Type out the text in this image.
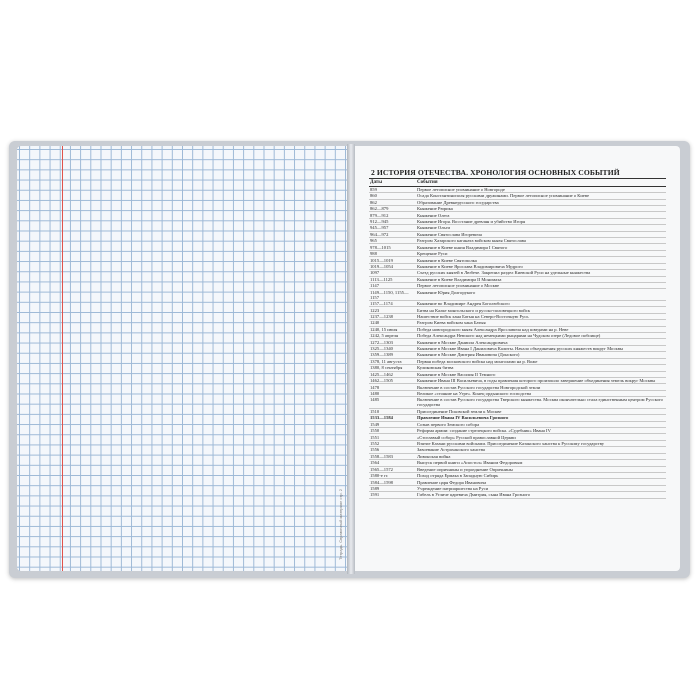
Тетрадь. Справочный материал стр. 2
2 ИСТОРИЯ ОТЕЧЕСТВА. ХРОНОЛОГИЯ ОСНОВНЫХ СОБЫТИЙ
Даты	События
859	Первое летописное упоминание о Новгороде
860	Осада Константинополя русскими дружинами. Первое летописное упоминание о Киеве
862	Образование Древнерусского государства
862—879	Княжение Рюрика
879—912	Княжение Олега
912—945	Княжение Игоря. Восстание древлян и убийство Игоря
945—957	Княжение Ольги
964—972	Княжение Святослава Игоревича
965	Разгром Хазарского каганата войском князя Святослава
978—1015	Княжение в Киеве князя Владимира I Святого
988	Крещение Руси
1015—1019	Княжение в Киеве Святополка
1019—1054	Княжение в Киеве Ярослава Владимировича Мудрого
1097	Съезд русских князей в Любече. Закрепил раздел Киевской Руси на удельные княжества
1113—1125	Княжение в Киеве Владимира II Мономаха
1147	Первое летописное упоминание о Москве
1149—1150, 1155—1157	Княжение Юрия Долгорукого
1157—1174	Княжение во Владимире Андрея Боголюбского
1223	Битва на Калке монгольского и русско-половецкого войск
1237—1238	Нашествие войск хана Батыя на Северо-Восточную Русь
1240	Разгром Киева войском хана Батыя
1240, 15 июля	Победа новгородского князя Александра Ярославича над шведами на р. Неве
1242, 5 апреля	Победа Александра Невского над немецкими рыцарями на Чудском озере (Ледовое побоище)
1272—1303	Княжение в Москве Даниила Александровича
1325—1340	Княжение в Москве Ивана I Даниловича Калиты. Начало объединения русских княжеств вокруг Москвы
1359—1389	Княжение в Москве Дмитрия Ивановича (Донского)
1378, 11 августа	Первая победа московского войска над монголами на р. Воже
1380, 8 сентября	Куликовская битва
1425—1462	Княжение в Москве Василия II Темного
1462—1505	Княжение Ивана III Васильевича, в годы правления которого произошло завершение объединения земель вокруг Москвы
1478	Включение в состав Русского государства Новгородской земли
1480	Великое «стояние на Угре». Конец ордынского господства
1485	Включение в состав Русского государства Тверского княжества. Москва окончательно стала единственным центром Русского государства
1510	Присоединение Псковской земли к Москве
1533—1584	Правление Ивана IV Васильевича Грозного
1549	Созыв первого Земского собора
1550	Реформа армии: создание стрелецкого войска. «Судебник» Ивана IV
1551	«Стоглавый собор» Русской православной Церкви
1552	Взятие Казани русскими войсками. Присоединение Казанского ханства к Русскому государству
1556	Завоевание Астраханского ханства
1558—1583	Ливонская война
1564	Выпуск первой книги «Апостол» Иваном Федоровым
1565—1572	Введение опричнины и упразднение Опричнины
1580-е гг.	Поход отряда Ермака в Западную Сибирь
1584—1598	Правление царя Федора Ивановича
1589	Учреждение патриаршества на Руси
1591	Гибель в Угличе царевича Дмитрия, сына Ивана Грозного
